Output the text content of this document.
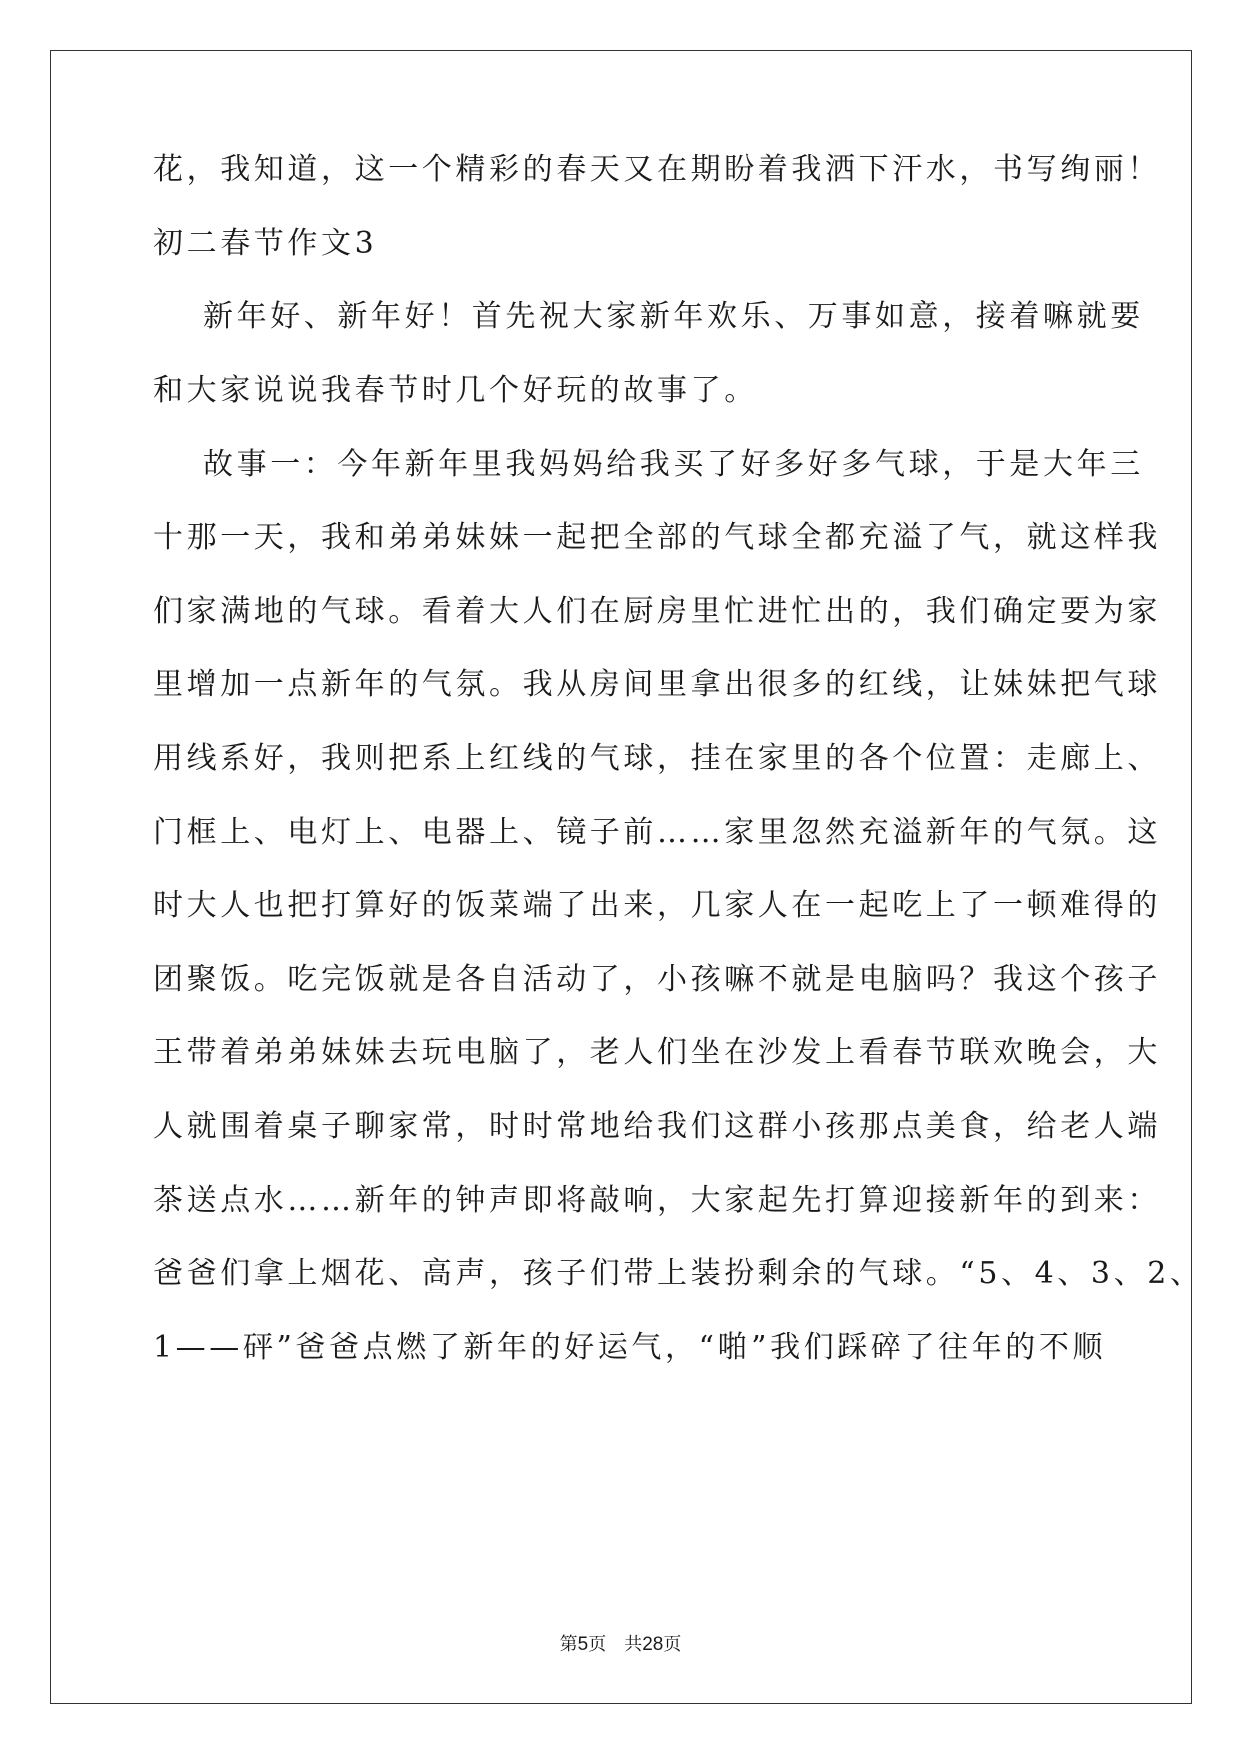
花，我知道，这一个精彩的春天又在期盼着我洒下汗水，书写绚丽！
初二春节作文3
新年好、新年好！首先祝大家新年欢乐、万事如意，接着嘛就要
和大家说说我春节时几个好玩的故事了。
故事一：今年新年里我妈妈给我买了好多好多气球，于是大年三
十那一天，我和弟弟妹妹一起把全部的气球全都充溢了气，就这样我
们家满地的气球。看着大人们在厨房里忙进忙出的，我们确定要为家
里增加一点新年的气氛。我从房间里拿出很多的红线，让妹妹把气球
用线系好，我则把系上红线的气球，挂在家里的各个位置：走廊上、
门框上、电灯上、电器上、镜子前……家里忽然充溢新年的气氛。这
时大人也把打算好的饭菜端了出来，几家人在一起吃上了一顿难得的
团聚饭。吃完饭就是各自活动了，小孩嘛不就是电脑吗？我这个孩子
王带着弟弟妹妹去玩电脑了，老人们坐在沙发上看春节联欢晚会，大
人就围着桌子聊家常，时时常地给我们这群小孩那点美食，给老人端
茶送点水……新年的钟声即将敲响，大家起先打算迎接新年的到来：
爸爸们拿上烟花、高声，孩子们带上装扮剩余的气球。“5、4、3、2、
1——砰”爸爸点燃了新年的好运气，“啪”我们踩碎了往年的不顺
第5页　共28页
